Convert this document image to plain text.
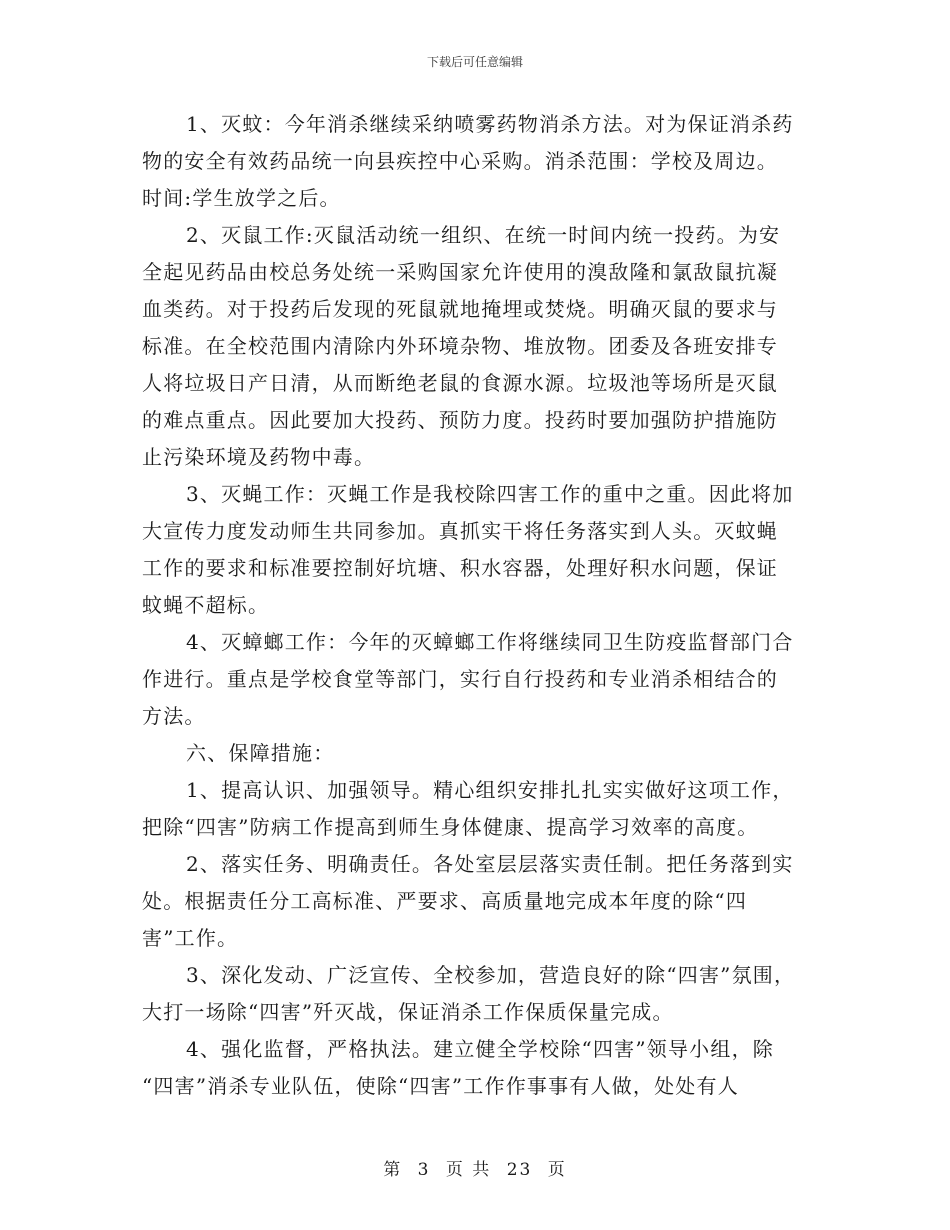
下载后可任意编辑
1、灭蚊：今年消杀继续采纳喷雾药物消杀方法。对为保证消杀药
物的安全有效药品统一向县疾控中心采购。消杀范围：学校及周边。
时间:学生放学之后。
2、灭鼠工作:灭鼠活动统一组织、在统一时间内统一投药。为安
全起见药品由校总务处统一采购国家允许使用的溴敌隆和氯敌鼠抗凝
血类药。对于投药后发现的死鼠就地掩埋或焚烧。明确灭鼠的要求与
标准。在全校范围内清除内外环境杂物、堆放物。团委及各班安排专
人将垃圾日产日清，从而断绝老鼠的食源水源。垃圾池等场所是灭鼠
的难点重点。因此要加大投药、预防力度。投药时要加强防护措施防
止污染环境及药物中毒。
3、灭蝇工作：灭蝇工作是我校除四害工作的重中之重。因此将加
大宣传力度发动师生共同参加。真抓实干将任务落实到人头。灭蚊蝇
工作的要求和标准要控制好坑塘、积水容器，处理好积水问题，保证
蚊蝇不超标。
4、灭蟑螂工作：今年的灭蟑螂工作将继续同卫生防疫监督部门合
作进行。重点是学校食堂等部门，实行自行投药和专业消杀相结合的
方法。
六、保障措施：
1、提高认识、加强领导。精心组织安排扎扎实实做好这项工作，
把除“四害”防病工作提高到师生身体健康、提高学习效率的高度。
2、落实任务、明确责任。各处室层层落实责任制。把任务落到实
处。根据责任分工高标准、严要求、高质量地完成本年度的除“四
害”工作。
3、深化发动、广泛宣传、全校参加，营造良好的除“四害”氛围，
大打一场除“四害”歼灭战，保证消杀工作保质保量完成。
4、强化监督，严格执法。建立健全学校除“四害”领导小组，除
“四害”消杀专业队伍，使除“四害”工作作事事有人做，处处有人
第 3 页 共 23 页
